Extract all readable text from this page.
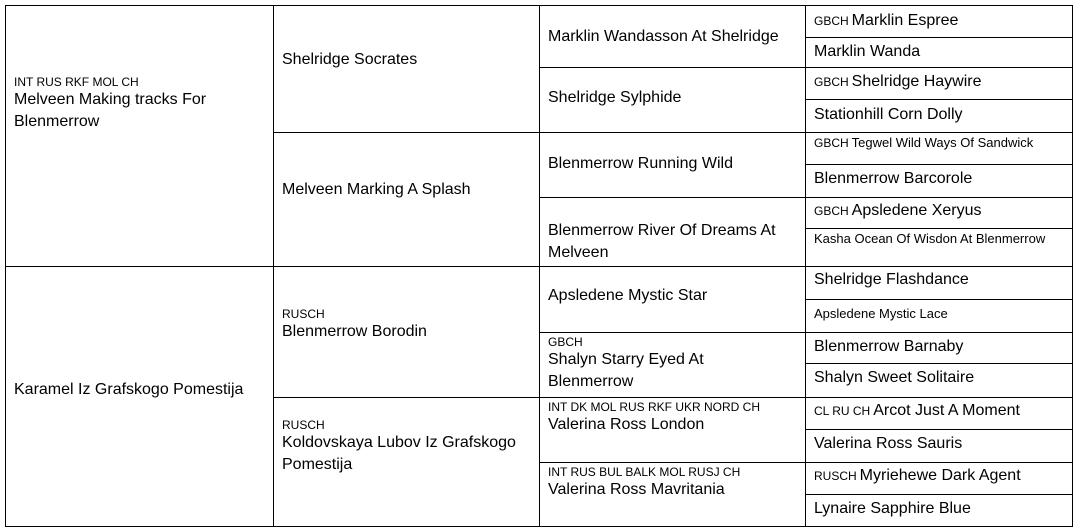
INT RUS RKF MOL CH
Melveen Making tracks For Blenmerrow
Karamel Iz Grafskogo Pomestija
Shelridge Socrates
Melveen Marking A Splash
RUSCH
Blenmerrow Borodin
RUSCH
Koldovskaya Lubov Iz Grafskogo Pomestija
Marklin Wandasson At Shelridge
Shelridge Sylphide
Blenmerrow Running Wild
Blenmerrow River Of Dreams At Melveen
Apsledene Mystic Star
GBCH
Shalyn Starry Eyed At Blenmerrow
INT DK MOL RUS RKF UKR NORD CH
Valerina Ross London
INT RUS BUL BALK MOL RUSJ CH
Valerina Ross Mavritania
GBCH Marklin Espree
Marklin Wanda
GBCH Shelridge Haywire
Stationhill Corn Dolly
GBCH Tegwel Wild Ways Of Sandwick
Blenmerrow Barcorole
GBCH Apsledene Xeryus
Kasha Ocean Of Wisdon At Blenmerrow
Shelridge Flashdance
Apsledene Mystic Lace
Blenmerrow Barnaby
Shalyn Sweet Solitaire
CL RU CH Arcot Just A Moment
Valerina Ross Sauris
RUSCH Myriehewe Dark Agent
Lynaire Sapphire Blue
